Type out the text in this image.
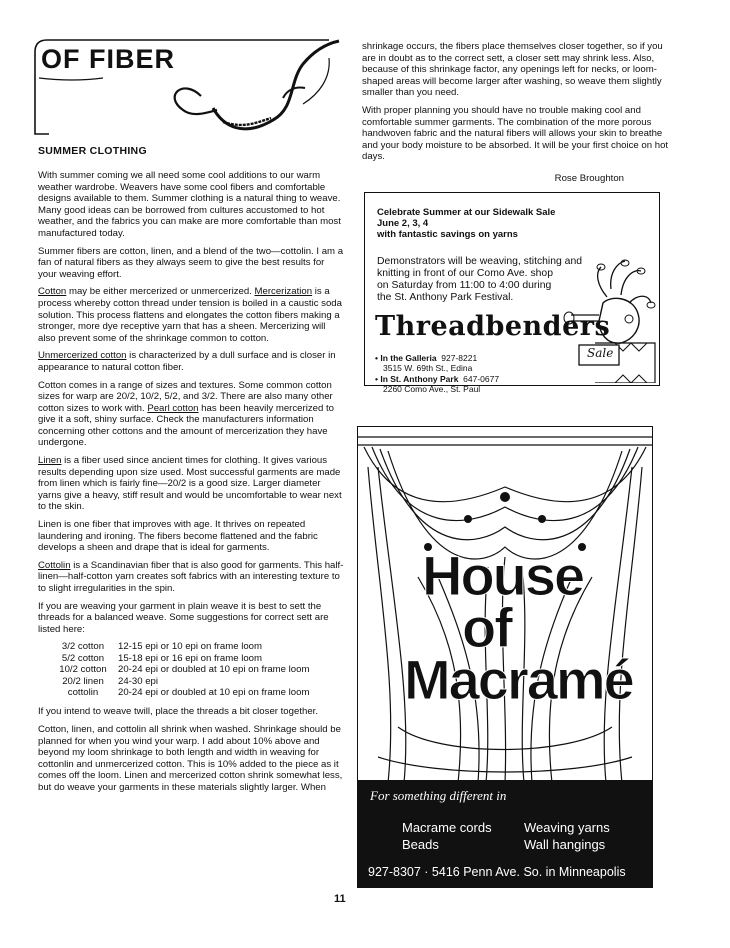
OF FIBER
SUMMER CLOTHING

With summer coming we all need some cool additions to our warm weather wardrobe. Weavers have some cool fibers and comfortable designs available to them. Summer clothing is a natural thing to weave. Many good ideas can be borrowed from cultures accustomed to hot weather, and the fabrics you can make are more comfortable than most manufactured today.

Summer fibers are cotton, linen, and a blend of the two—cottolin. I am a fan of natural fibers as they always seem to give the best results for your weaving effort.

Cotton may be either mercerized or unmercerized. Mercerization is a process whereby cotton thread under tension is boiled in a caustic soda solution. This process flattens and elongates the cotton fibers making a stronger, more dye receptive yarn that has a sheen. Mercerizing will also prevent some of the shrinkage common to cotton.

Unmercerized cotton is characterized by a dull surface and is closer in appearance to natural cotton fiber.

Cotton comes in a range of sizes and textures. Some common cotton sizes for warp are 20/2, 10/2, 5/2, and 3/2. There are also many other cotton sizes to work with. Pearl cotton has been heavily mercerized to give it a soft, shiny surface. Check the manufacturers information concerning other cottons and the amount of mercerization they have undergone.

Linen is a fiber used since ancient times for clothing. It gives various results depending upon size used. Most successful garments are made from linen which is fairly fine—20/2 is a good size. Larger diameter yarns give a heavy, stiff result and would be uncomfortable to wear next to the skin.

Linen is one fiber that improves with age. It thrives on repeated laundering and ironing. The fibers become flattened and the fabric develops a sheen and drape that is ideal for garments.

Cottolin is a Scandinavian fiber that is also good for garments. This half-linen—half-cotton yarn creates soft fabrics with an interesting texture to to slight irregularities in the spin.

If you are weaving your garment in plain weave it is best to sett the threads for a balanced weave. Some suggestions for correct sett are listed here:

3/2 cotton	12-15 epi or 10 epi on frame loom
5/2 cotton	15-18 epi or 16 epi on frame loom
10/2 cotton	20-24 epi or doubled at 10 epi on frame loom
20/2 linen	24-30 epi
cottolin	20-24 epi or doubled at 10 epi on frame loom

If you intend to weave twill, place the threads a bit closer together.

Cotton, linen, and cottolin all shrink when washed. Shrinkage should be planned for when you wind your warp. I add about 10% above and beyond my loom shrinkage to both length and width in weaving for cottonlin and unmercerized cotton. This is 10% added to the piece as it comes off the loom. Linen and mercerized cotton shrink somewhat less, but do weave your garments in these materials slightly larger. When

shrinkage occurs, the fibers place themselves closer together, so if you are in doubt as to the correct sett, a closer sett may shrink less. Also, because of this shrinkage factor, any openings left for necks, or loom-shaped areas will become larger after washing, so weave them slightly smaller than you need.

With proper planning you should have no trouble making cool and comfortable summer garments. The combination of the more porous handwoven fabric and the natural fibers will allows your skin to breathe and your body moisture to be absorbed. It will be your first choice on hot days.

Rose Broughton
Celebrate Summer at our Sidewalk Sale
June 2, 3, 4
with fantastic savings on yarns
Demonstrators will be weaving, stitching and
knitting in front of our Como Ave. shop
on Saturday from 11:00 to 4:00 during
the St. Anthony Park Festival.
Threadbenders
• In the Galleria 927-8221
3515 W. 69th St., Edina
• In St. Anthony Park 647-0677
2260 Como Ave., St. Paul
Sale
House
of
Macramé
For something different in
Macrame cords Weaving yarns
Beads	Wall hangings
927-8307 · 5416 Penn Ave. So. in Minneapolis
11
